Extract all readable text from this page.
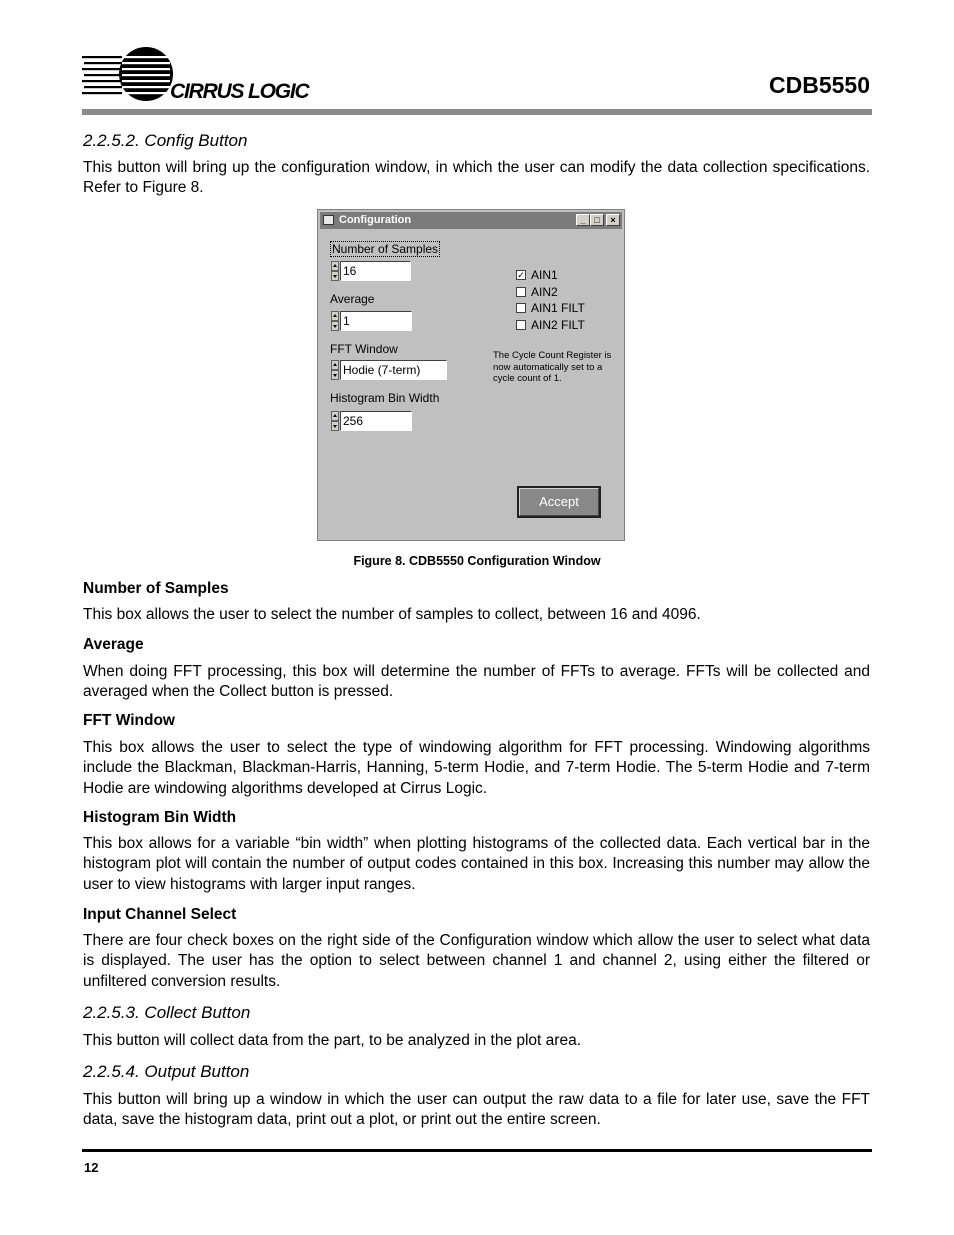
CIRRUS LOGIC	CDB5550
2.2.5.2. Config Button

This button will bring up the configuration window, in which the user can modify the data collection specifications. Refer to Figure 8.

Configuration	_ □	×
Number of Samples
16
Average
1
FFT Window
Hodie (7-term)
Histogram Bin Width
256
✓ AIN1
AIN2
AIN1 FILT
AIN2 FILT
The Cycle Count Register is now automatically set to a cycle count of 1.
Accept
Figure 8. CDB5550 Configuration Window
Number of Samples

This box allows the user to select the number of samples to collect, between 16 and 4096.

Average

When doing FFT processing, this box will determine the number of FFTs to average. FFTs will be collected and averaged when the Collect button is pressed.

FFT Window

This box allows the user to select the type of windowing algorithm for FFT processing. Windowing algorithms include the Blackman, Blackman-Harris, Hanning, 5-term Hodie, and 7-term Hodie. The 5-term Hodie and 7-term Hodie are windowing algorithms developed at Cirrus Logic.

Histogram Bin Width

This box allows for a variable “bin width” when plotting histograms of the collected data. Each vertical bar in the histogram plot will contain the number of output codes contained in this box. Increasing this number may allow the user to view histograms with larger input ranges.

Input Channel Select

There are four check boxes on the right side of the Configuration window which allow the user to select what data is displayed. The user has the option to select between channel 1 and channel 2, using either the filtered or unfiltered conversion results.

2.2.5.3. Collect Button

This button will collect data from the part, to be analyzed in the plot area.

2.2.5.4. Output Button

This button will bring up a window in which the user can output the raw data to a file for later use, save the FFT data, save the histogram data, print out a plot, or print out the entire screen.

12
